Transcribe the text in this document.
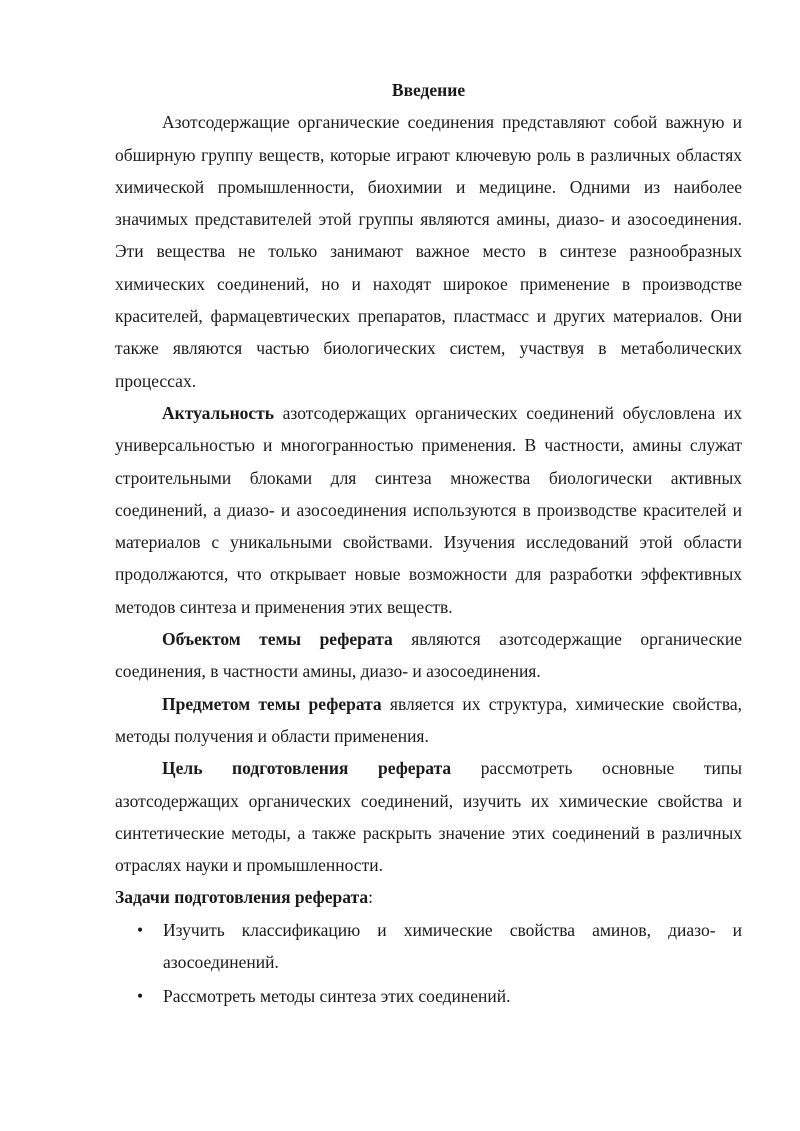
Введение

Азотсодержащие органические соединения представляют собой важную и обширную группу веществ, которые играют ключевую роль в различных областях химической промышленности, биохимии и медицине. Одними из наиболее значимых представителей этой группы являются амины, диазо- и азосоединения. Эти вещества не только занимают важное место в синтезе разнообразных химических соединений, но и находят широкое применение в производстве красителей, фармацевтических препаратов, пластмасс и других материалов. Они также являются частью биологических систем, участвуя в метаболических процессах.

Актуальность азотсодержащих органических соединений обусловлена их универсальностью и многогранностью применения. В частности, амины служат строительными блоками для синтеза множества биологически активных соединений, а диазо- и азосоединения используются в производстве красителей и материалов с уникальными свойствами. Изучения исследований этой области продолжаются, что открывает новые возможности для разработки эффективных методов синтеза и применения этих веществ.

Объектом темы реферата являются азотсодержащие органические соединения, в частности амины, диазо- и азосоединения.

Предметом темы реферата является их структура, химические свойства, методы получения и области применения.

Цель подготовления реферата рассмотреть основные типы азотсодержащих органических соединений, изучить их химические свойства и синтетические методы, а также раскрыть значение этих соединений в различных отраслях науки и промышленности.

Задачи подготовления реферата:

• Изучить классификацию и химические свойства аминов, диазо- и азосоединений.
• Рассмотреть методы синтеза этих соединений.
